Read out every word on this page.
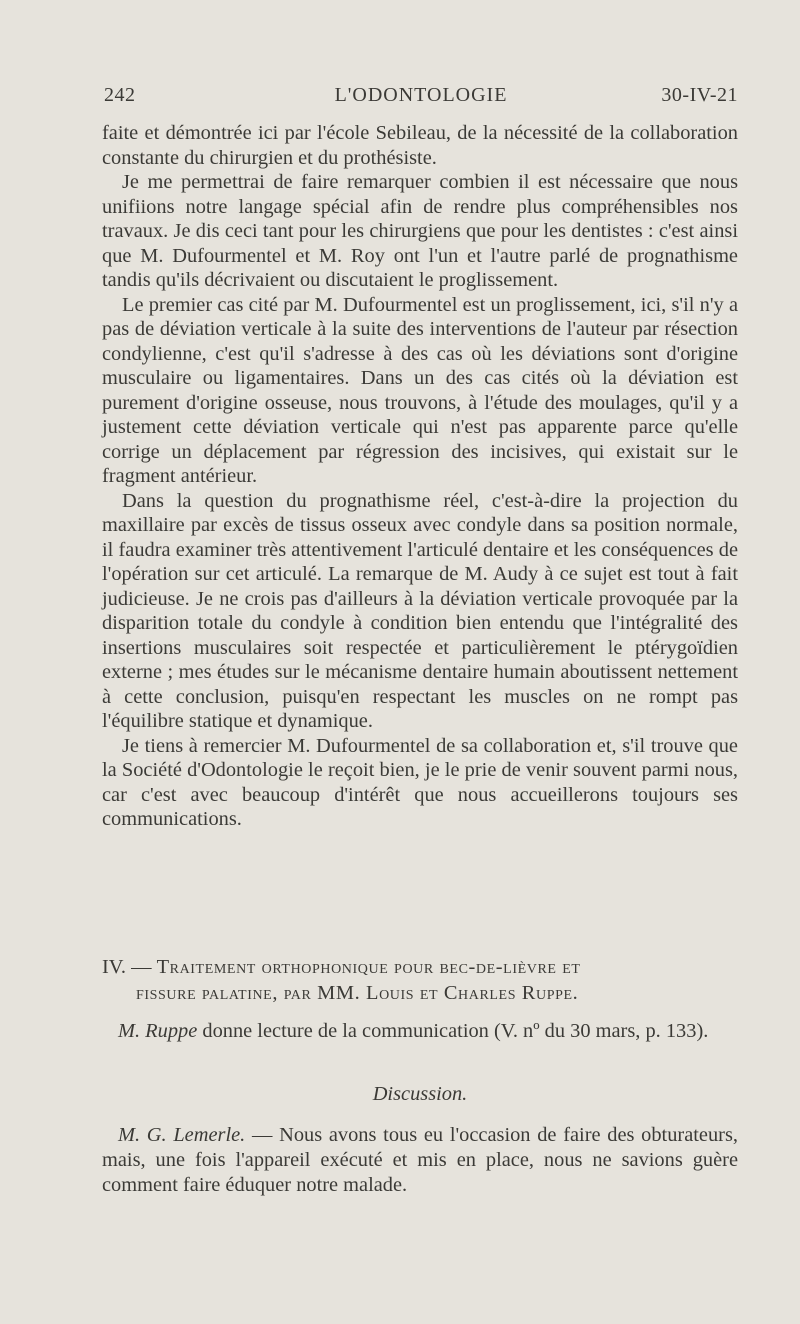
242	L'ODONTOLOGIE	30-IV-21

faite et démontrée ici par l'école Sebileau, de la nécessité de la collaboration constante du chirurgien et du prothésiste.

Je me permettrai de faire remarquer combien il est nécessaire que nous unifiions notre langage spécial afin de rendre plus compréhensibles nos travaux. Je dis ceci tant pour les chirurgiens que pour les dentistes : c'est ainsi que M. Dufourmentel et M. Roy ont l'un et l'autre parlé de prognathisme tandis qu'ils décrivaient ou discutaient le proglissement.

Le premier cas cité par M. Dufourmentel est un proglissement, ici, s'il n'y a pas de déviation verticale à la suite des interventions de l'auteur par résection condylienne, c'est qu'il s'adresse à des cas où les déviations sont d'origine musculaire ou ligamentaires. Dans un des cas cités où la déviation est purement d'origine osseuse, nous trouvons, à l'étude des moulages, qu'il y a justement cette déviation verticale qui n'est pas apparente parce qu'elle corrige un déplacement par régression des incisives, qui existait sur le fragment antérieur.

Dans la question du prognathisme réel, c'est-à-dire la projection du maxillaire par excès de tissus osseux avec condyle dans sa position normale, il faudra examiner très attentivement l'articulé dentaire et les conséquences de l'opération sur cet articulé. La remarque de M. Audy à ce sujet est tout à fait judicieuse. Je ne crois pas d'ailleurs à la déviation verticale provoquée par la disparition totale du condyle à condition bien entendu que l'intégralité des insertions musculaires soit respectée et particulièrement le ptérygoïdien externe ; mes études sur le mécanisme dentaire humain aboutissent nettement à cette conclusion, puisqu'en respectant les muscles on ne rompt pas l'équilibre statique et dynamique.

Je tiens à remercier M. Dufourmentel de sa collaboration et, s'il trouve que la Société d'Odontologie le reçoit bien, je le prie de venir souvent parmi nous, car c'est avec beaucoup d'intérêt que nous accueillerons toujours ses communications.

IV. — Traitement orthophonique pour bec-de-lièvre et
fissure palatine, par MM. Louis et Charles Ruppe.
M. Ruppe donne lecture de la communication (V. nº du 30 mars, p. 133).
Discussion.
M. G. Lemerle. — Nous avons tous eu l'occasion de faire des obturateurs, mais, une fois l'appareil exécuté et mis en place, nous ne savions guère comment faire éduquer notre malade.
